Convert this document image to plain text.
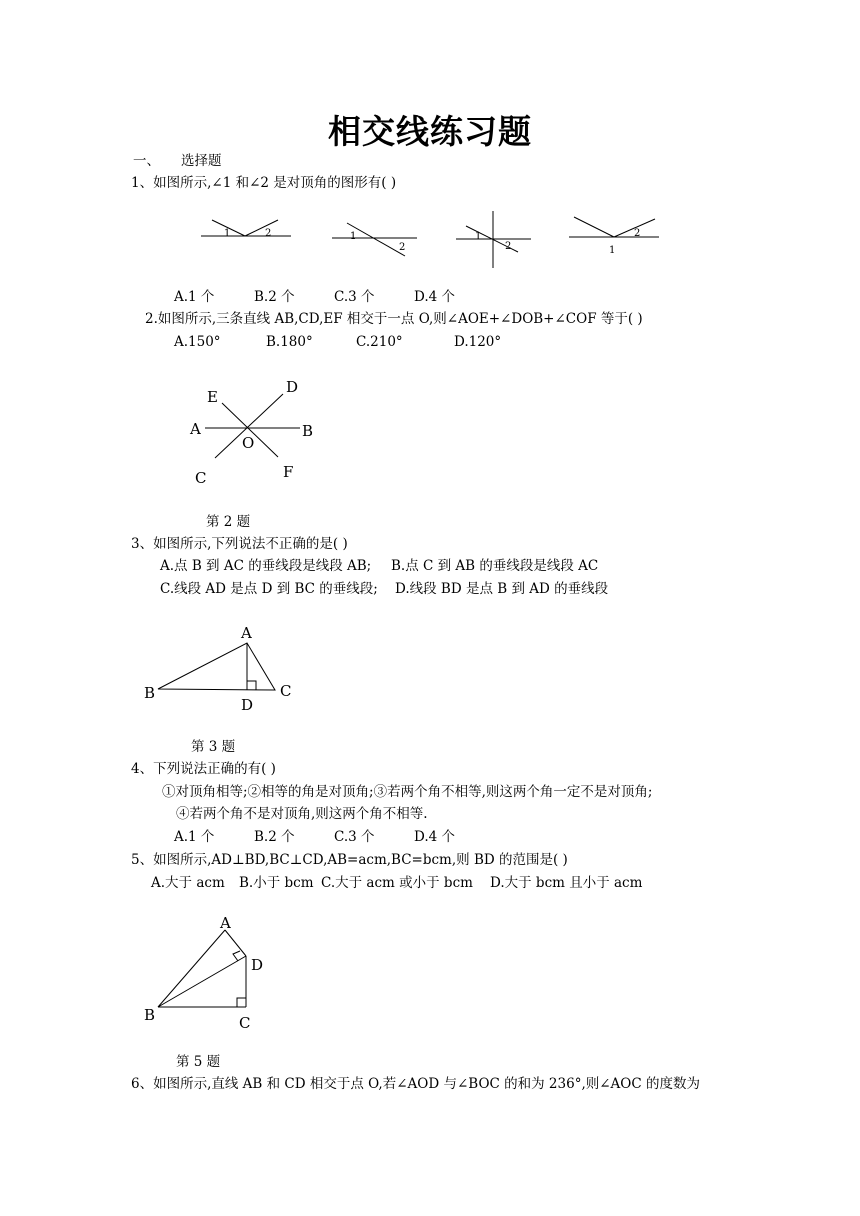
相交线练习题
一、 选择题
1、如图所示,∠1 和∠2 是对顶角的图形有( )
1	2	1
2
1
2
2
1
A.1 个	B.2 个	C.3 个	D.4 个
2.如图所示,三条直线 AB,CD,EF 相交于一点 O,则∠AOE+∠DOB+∠COF 等于( )
A.150°	B.180°	C.210°	D.120°
D
E
A	B
O
C	F
第 2 题
3、如图所示,下列说法不正确的是( )
A.点 B 到 AC 的垂线段是线段 AB; B.点 C 到 AB 的垂线段是线段 AC
C.线段 AD 是点 D 到 BC 的垂线段; D.线段 BD 是点 B 到 AD 的垂线段
A
B	C
D
第 3 题
4、下列说法正确的有( )
①对顶角相等;②相等的角是对顶角;③若两个角不相等,则这两个角一定不是对顶角;
④若两个角不是对顶角,则这两个角不相等.
A.1 个	B.2 个	C.3 个	D.4 个
5、如图所示,AD⊥BD,BC⊥CD,AB=acm,BC=bcm,则 BD 的范围是( )
A.大于 acm B.小于 bcm C.大于 acm 或小于 bcm D.大于 bcm 且小于 acm
A
D
B	C
第 5 题
6、如图所示,直线 AB 和 CD 相交于点 O,若∠AOD 与∠BOC 的和为 236°,则∠AOC 的度数为
